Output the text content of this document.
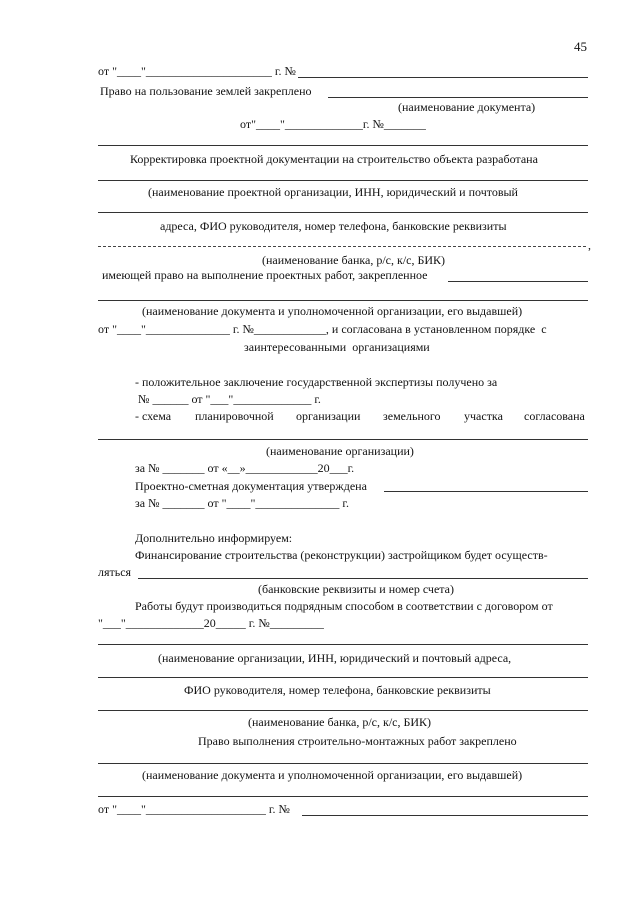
45
от "____"_____________________ г. №
Право на пользование землей закреплено
(наименование документа)
от"____"_____________г. №_______
Корректировка проектной документации на строительство объекта разработана
(наименование проектной организации, ИНН, юридический и почтовый
адреса, ФИО руководителя, номер телефона, банковские реквизиты
,
(наименование банка, р/с, к/с, БИК)
имеющей право на выполнение проектных работ, закрепленное
(наименование документа и уполномоченной организации, его выдавшей)
от "____"______________ г. №____________, и согласована в установленном порядке  с
заинтересованными  организациями
- положительное заключение государственной экспертизы получено за
№ ______ от "___"_____________ г.
- схема планировочной организации земельного участка согласована
(наименование организации)
за № _______ от «__»____________20___г.
Проектно-сметная документация утверждена
за № _______ от "____"______________ г.
Дополнительно информируем:
Финансирование строительства (реконструкции) застройщиком будет осуществ-
ляться
(банковские реквизиты и номер счета)
Работы будут производиться подрядным способом в соответствии с договором от
"___"_____________20_____ г. №_________
(наименование организации, ИНН, юридический и почтовый адреса,
ФИО руководителя, номер телефона, банковские реквизиты
(наименование банка, р/с, к/с, БИК)
Право выполнения строительно-монтажных работ закреплено
(наименование документа и уполномоченной организации, его выдавшей)
от "____"____________________ г. №
